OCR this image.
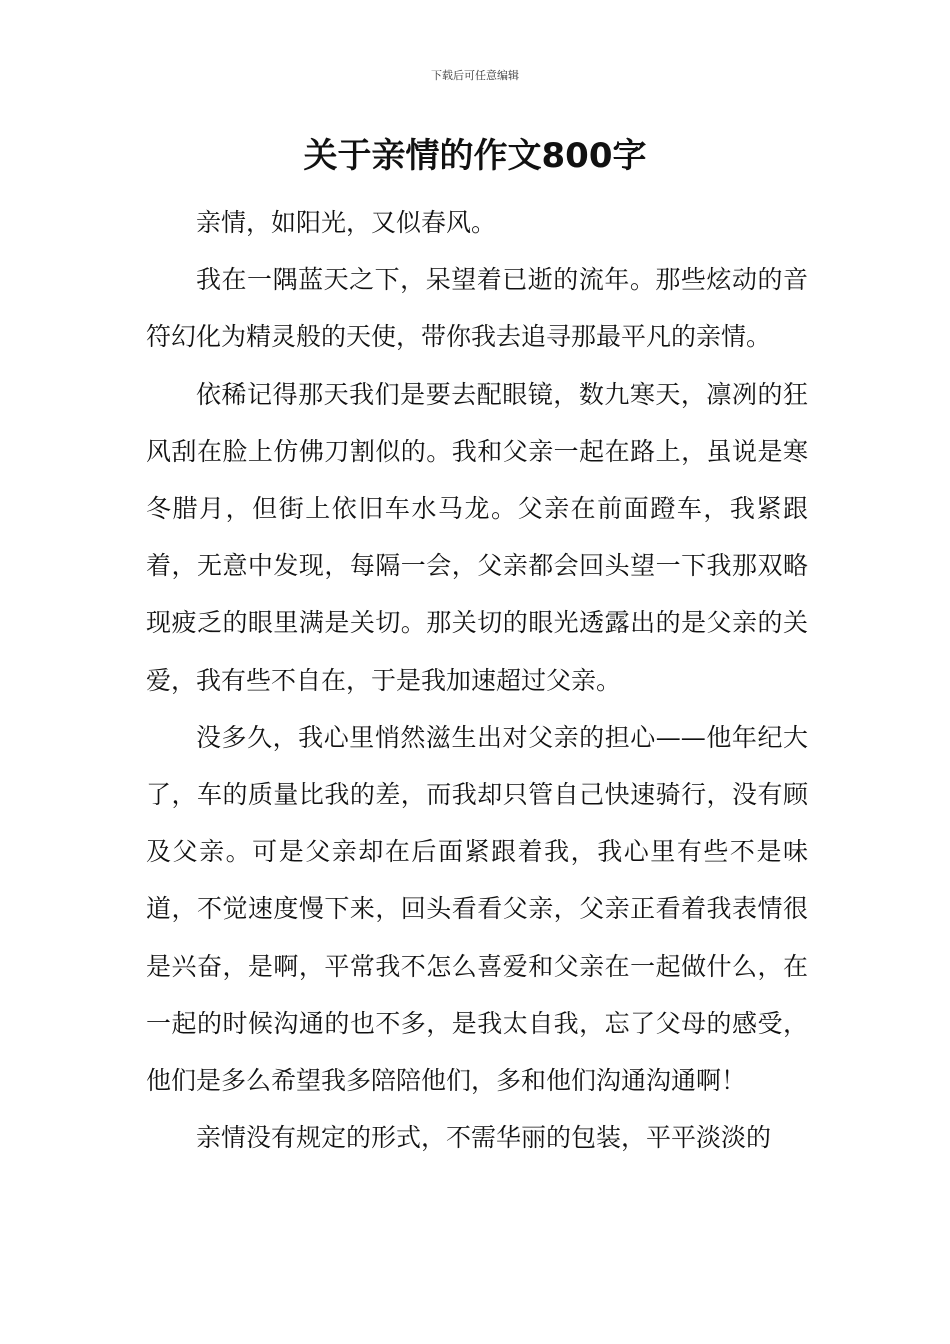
下载后可任意编辑
关于亲情的作文800字

亲情，如阳光，又似春风。

我在一隅蓝天之下，呆望着已逝的流年。那些炫动的音符幻化为精灵般的天使，带你我去追寻那最平凡的亲情。

依稀记得那天我们是要去配眼镜，数九寒天，凛冽的狂风刮在脸上仿佛刀割似的。我和父亲一起在路上，虽说是寒冬腊月，但街上依旧车水马龙。父亲在前面蹬车，我紧跟着，无意中发现，每隔一会，父亲都会回头望一下我那双略现疲乏的眼里满是关切。那关切的眼光透露出的是父亲的关爱，我有些不自在，于是我加速超过父亲。

没多久，我心里悄然滋生出对父亲的担心——他年纪大了，车的质量比我的差，而我却只管自己快速骑行，没有顾及父亲。可是父亲却在后面紧跟着我，我心里有些不是味道，不觉速度慢下来，回头看看父亲，父亲正看着我表情很是兴奋，是啊，平常我不怎么喜爱和父亲在一起做什么，在一起的时候沟通的也不多，是我太自我，忘了父母的感受，他们是多么希望我多陪陪他们，多和他们沟通沟通啊！

亲情没有规定的形式，不需华丽的包装，平平淡淡的
